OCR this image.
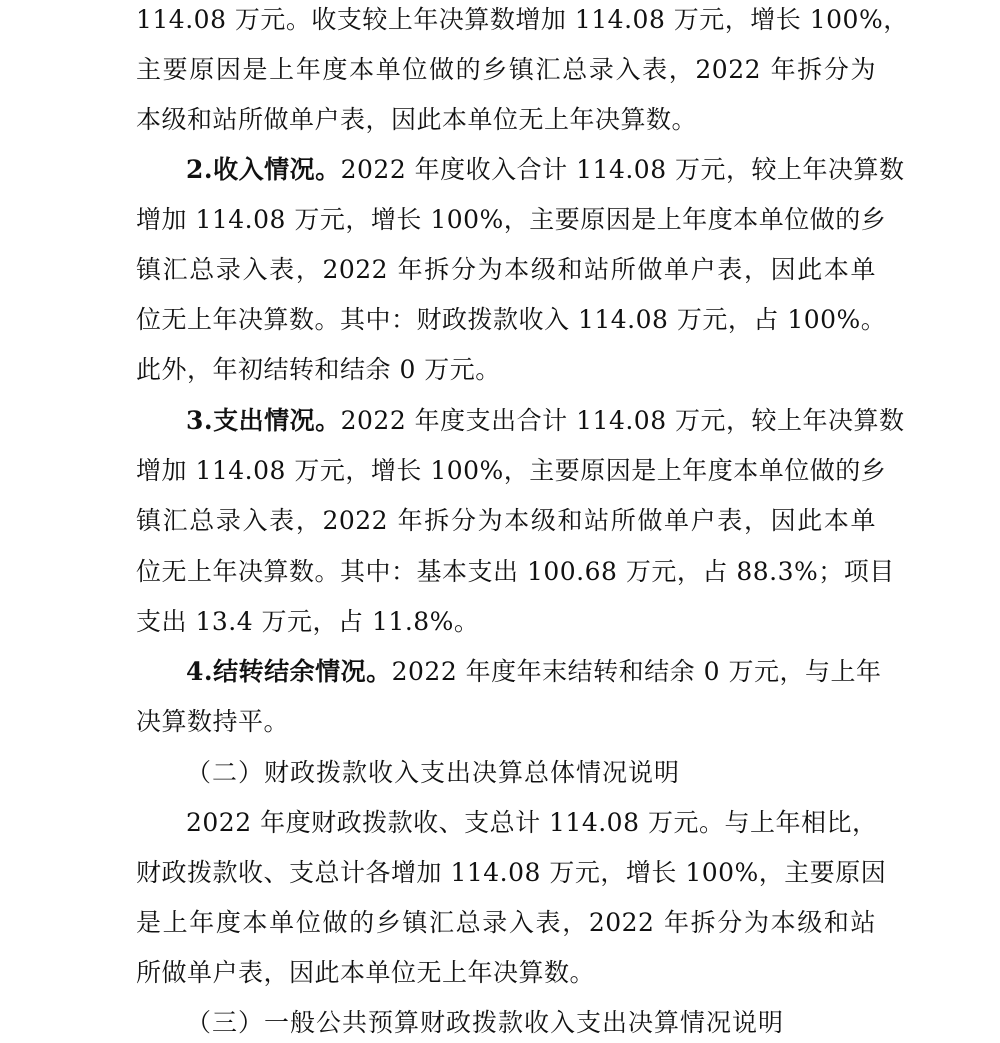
114.08 万元。收支较上年决算数增加 114.08 万元，增长 100%，
主要原因是上年度本单位做的乡镇汇总录入表，2022 年拆分为
本级和站所做单户表，因此本单位无上年决算数。
2.收入情况。2022 年度收入合计 114.08 万元，较上年决算数
增加 114.08 万元，增长 100%，主要原因是上年度本单位做的乡
镇汇总录入表，2022 年拆分为本级和站所做单户表，因此本单
位无上年决算数。其中：财政拨款收入 114.08 万元，占 100%。
此外，年初结转和结余 0 万元。
3.支出情况。2022 年度支出合计 114.08 万元，较上年决算数
增加 114.08 万元，增长 100%，主要原因是上年度本单位做的乡
镇汇总录入表，2022 年拆分为本级和站所做单户表，因此本单
位无上年决算数。其中：基本支出 100.68 万元，占 88.3%；项目
支出 13.4 万元，占 11.8%。
4.结转结余情况。2022 年度年末结转和结余 0 万元，与上年
决算数持平。
（二）财政拨款收入支出决算总体情况说明
2022 年度财政拨款收、支总计 114.08 万元。与上年相比，
财政拨款收、支总计各增加 114.08 万元，增长 100%，主要原因
是上年度本单位做的乡镇汇总录入表，2022 年拆分为本级和站
所做单户表，因此本单位无上年决算数。
（三）一般公共预算财政拨款收入支出决算情况说明
